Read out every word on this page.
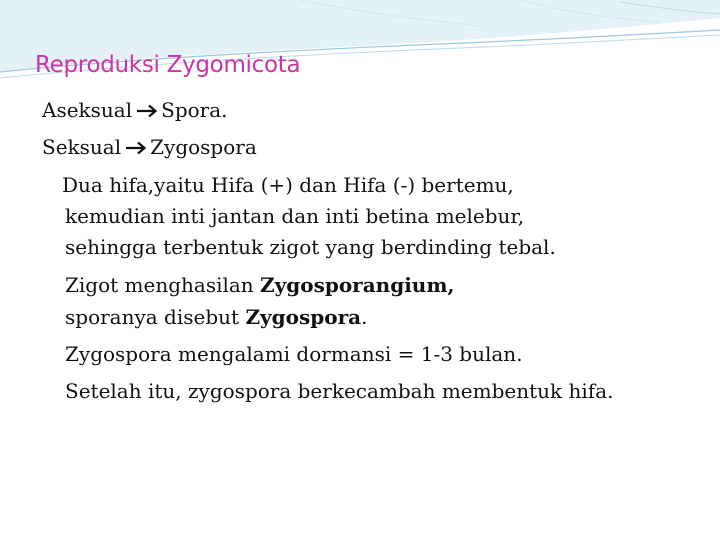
Reproduksi Zygomicota
Aseksual Spora.
Seksual Zygospora
Dua hifa,yaitu Hifa (+) dan Hifa (-) bertemu,
kemudian inti jantan dan inti betina melebur,
sehingga terbentuk zigot yang berdinding tebal.
Zigot menghasilan Zygosporangium,
sporanya disebut Zygospora.
Zygospora mengalami dormansi = 1-3 bulan.
Setelah itu, zygospora berkecambah membentuk hifa.
